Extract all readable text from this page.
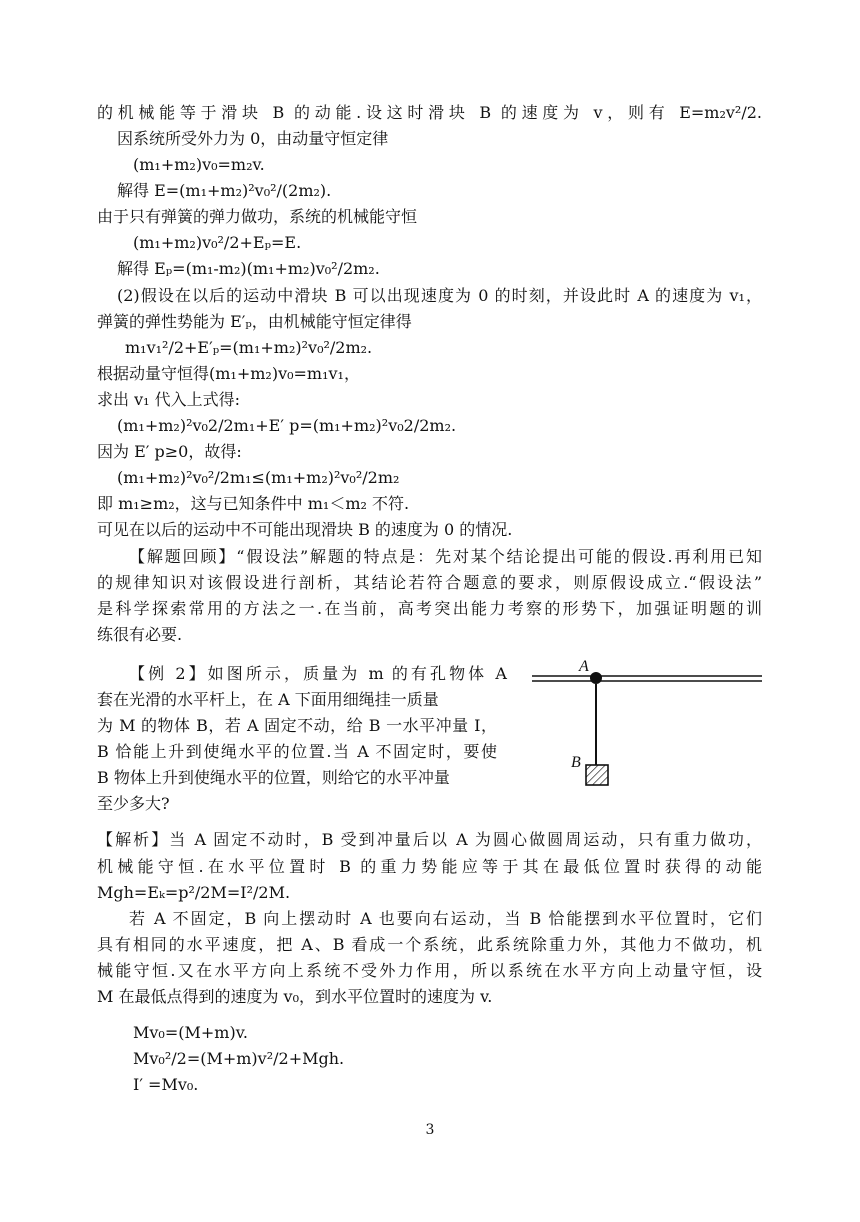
的机械能等于滑块 B 的动能.设这时滑块 B 的速度为 v，则有 E=m₂v²/2.
因系统所受外力为 0，由动量守恒定律
(m₁+m₂)v₀=m₂v.
解得 E=(m₁+m₂)²v₀²/(2m₂).
由于只有弹簧的弹力做功，系统的机械能守恒
(m₁+m₂)v₀²/2+Eₚ=E.
解得 Eₚ=(m₁-m₂)(m₁+m₂)v₀²/2m₂.
(2)假设在以后的运动中滑块 B 可以出现速度为 0 的时刻，并设此时 A 的速度为 v₁，
弹簧的弹性势能为 E′ₚ，由机械能守恒定律得
m₁v₁²/2+E′ₚ=(m₁+m₂)²v₀²/2m₂.
根据动量守恒得(m₁+m₂)v₀=m₁v₁，
求出 v₁ 代入上式得:
(m₁+m₂)²v₀2/2m₁+E′ p=(m₁+m₂)²v₀2/2m₂.
因为 E′ p≥0，故得:
(m₁+m₂)²v₀²/2m₁≤(m₁+m₂)²v₀²/2m₂
即 m₁≥m₂，这与已知条件中 m₁＜m₂ 不符.
可见在以后的运动中不可能出现滑块 B 的速度为 0 的情况.
【解题回顾】“假设法”解题的特点是：先对某个结论提出可能的假设.再利用已知
的规律知识对该假设进行剖析，其结论若符合题意的要求，则原假设成立.“假设法”
是科学探索常用的方法之一.在当前，高考突出能力考察的形势下，加强证明题的训
练很有必要.
【例 2】如图所示，质量为 m 的有孔物体 A
套在光滑的水平杆上，在 A 下面用细绳挂一质量
为 M 的物体 B，若 A 固定不动，给 B 一水平冲量 I，
B 恰能上升到使绳水平的位置.当 A 不固定时，要使
B 物体上升到使绳水平的位置，则给它的水平冲量
至少多大?
【解析】当 A 固定不动时，B 受到冲量后以 A 为圆心做圆周运动，只有重力做功，
机械能守恒.在水平位置时 B 的重力势能应等于其在最低位置时获得的动能
Mgh=Eₖ=p²/2M=I²/2M.
若 A 不固定，B 向上摆动时 A 也要向右运动，当 B 恰能摆到水平位置时，它们
具有相同的水平速度，把 A、B 看成一个系统，此系统除重力外，其他力不做功，机
械能守恒.又在水平方向上系统不受外力作用，所以系统在水平方向上动量守恒，设
M 在最低点得到的速度为 v₀，到水平位置时的速度为 v.
Mv₀=(M+m)v.
Mv₀²/2=(M+m)v²/2+Mgh.
I′ =Mv₀.
A
B
3
